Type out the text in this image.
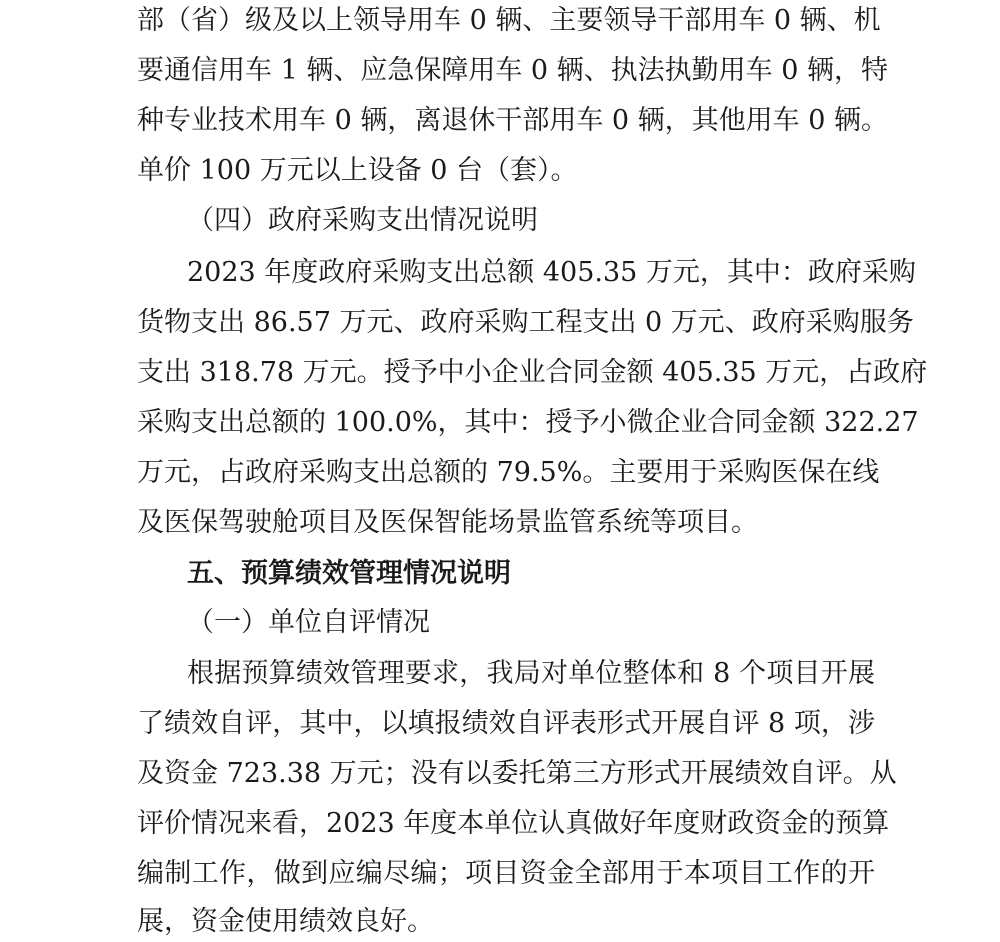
部（省）级及以上领导用车 0 辆、主要领导干部用车 0 辆、机
要通信用车 1 辆、应急保障用车 0 辆、执法执勤用车 0 辆，特
种专业技术用车 0 辆，离退休干部用车 0 辆，其他用车 0 辆。
单价 100 万元以上设备 0 台（套）。
（四）政府采购支出情况说明
2023 年度政府采购支出总额 405.35 万元，其中：政府采购
货物支出 86.57 万元、政府采购工程支出 0 万元、政府采购服务
支出 318.78 万元。授予中小企业合同金额 405.35 万元，占政府
采购支出总额的 100.0%，其中：授予小微企业合同金额 322.27
万元，占政府采购支出总额的 79.5%。主要用于采购医保在线
及医保驾驶舱项目及医保智能场景监管系统等项目。
五、预算绩效管理情况说明
（一）单位自评情况
根据预算绩效管理要求，我局对单位整体和 8 个项目开展
了绩效自评，其中，以填报绩效自评表形式开展自评 8 项，涉
及资金 723.38 万元；没有以委托第三方形式开展绩效自评。从
评价情况来看，2023 年度本单位认真做好年度财政资金的预算
编制工作，做到应编尽编；项目资金全部用于本项目工作的开
展，资金使用绩效良好。
